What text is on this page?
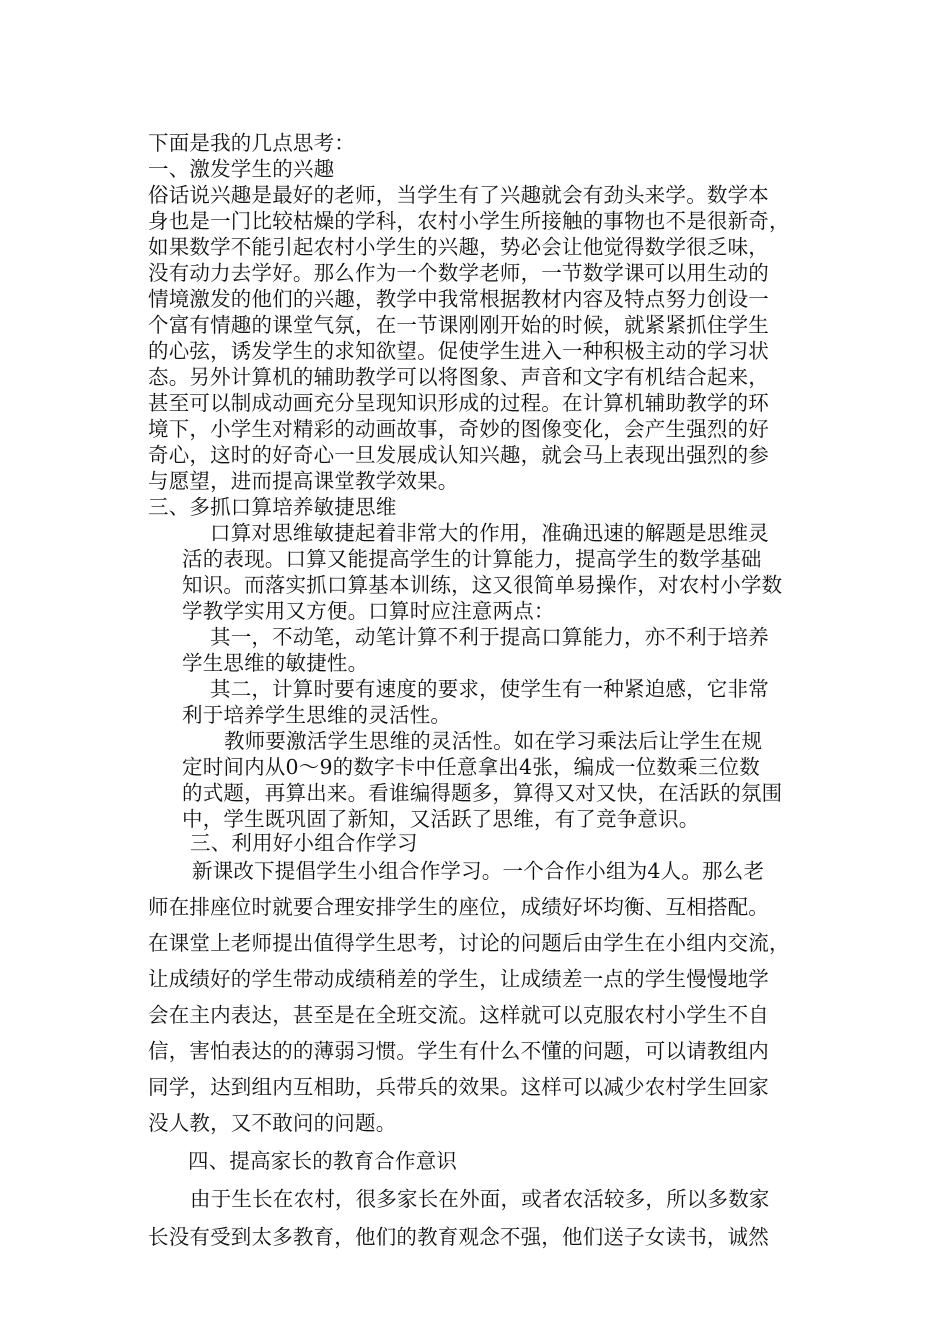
下面是我的几点思考：
一、激发学生的兴趣
俗话说兴趣是最好的老师，当学生有了兴趣就会有劲头来学。数学本
身也是一门比较枯燥的学科，农村小学生所接触的事物也不是很新奇，
如果数学不能引起农村小学生的兴趣，势必会让他觉得数学很乏味，
没有动力去学好。那么作为一个数学老师，一节数学课可以用生动的
情境激发的他们的兴趣，教学中我常根据教材内容及特点努力创设一
个富有情趣的课堂气氛，在一节课刚刚开始的时候，就紧紧抓住学生
的心弦，诱发学生的求知欲望。促使学生进入一种积极主动的学习状
态。另外计算机的辅助教学可以将图象、声音和文字有机结合起来，
甚至可以制成动画充分呈现知识形成的过程。在计算机辅助教学的环
境下，小学生对精彩的动画故事，奇妙的图像变化，会产生强烈的好
奇心，这时的好奇心一旦发展成认知兴趣，就会马上表现出强烈的参
与愿望，进而提高课堂教学效果。
三、多抓口算培养敏捷思维
口算对思维敏捷起着非常大的作用，准确迅速的解题是思维灵
活的表现。口算又能提高学生的计算能力，提高学生的数学基础
知识。而落实抓口算基本训练，这又很简单易操作，对农村小学数
学教学实用又方便。口算时应注意两点：
其一，不动笔，动笔计算不利于提高口算能力，亦不利于培养
学生思维的敏捷性。
其二，计算时要有速度的要求，使学生有一种紧迫感，它非常
利于培养学生思维的灵活性。
教师要激活学生思维的灵活性。如在学习乘法后让学生在规
定时间内从0～9的数字卡中任意拿出4张，编成一位数乘三位数
的式题，再算出来。看谁编得题多，算得又对又快，在活跃的氛围
中，学生既巩固了新知，又活跃了思维，有了竞争意识。
三、利用好小组合作学习
新课改下提倡学生小组合作学习。一个合作小组为4人。那么老
师在排座位时就要合理安排学生的座位，成绩好坏均衡、互相搭配。
在课堂上老师提出值得学生思考，讨论的问题后由学生在小组内交流，
让成绩好的学生带动成绩稍差的学生，让成绩差一点的学生慢慢地学
会在主内表达，甚至是在全班交流。这样就可以克服农村小学生不自
信，害怕表达的的薄弱习惯。学生有什么不懂的问题，可以请教组内
同学，达到组内互相助，兵带兵的效果。这样可以减少农村学生回家
没人教，又不敢问的问题。
四、提高家长的教育合作意识
由于生长在农村，很多家长在外面，或者农活较多，所以多数家
长没有受到太多教育，他们的教育观念不强，他们送子女读书，诚然
